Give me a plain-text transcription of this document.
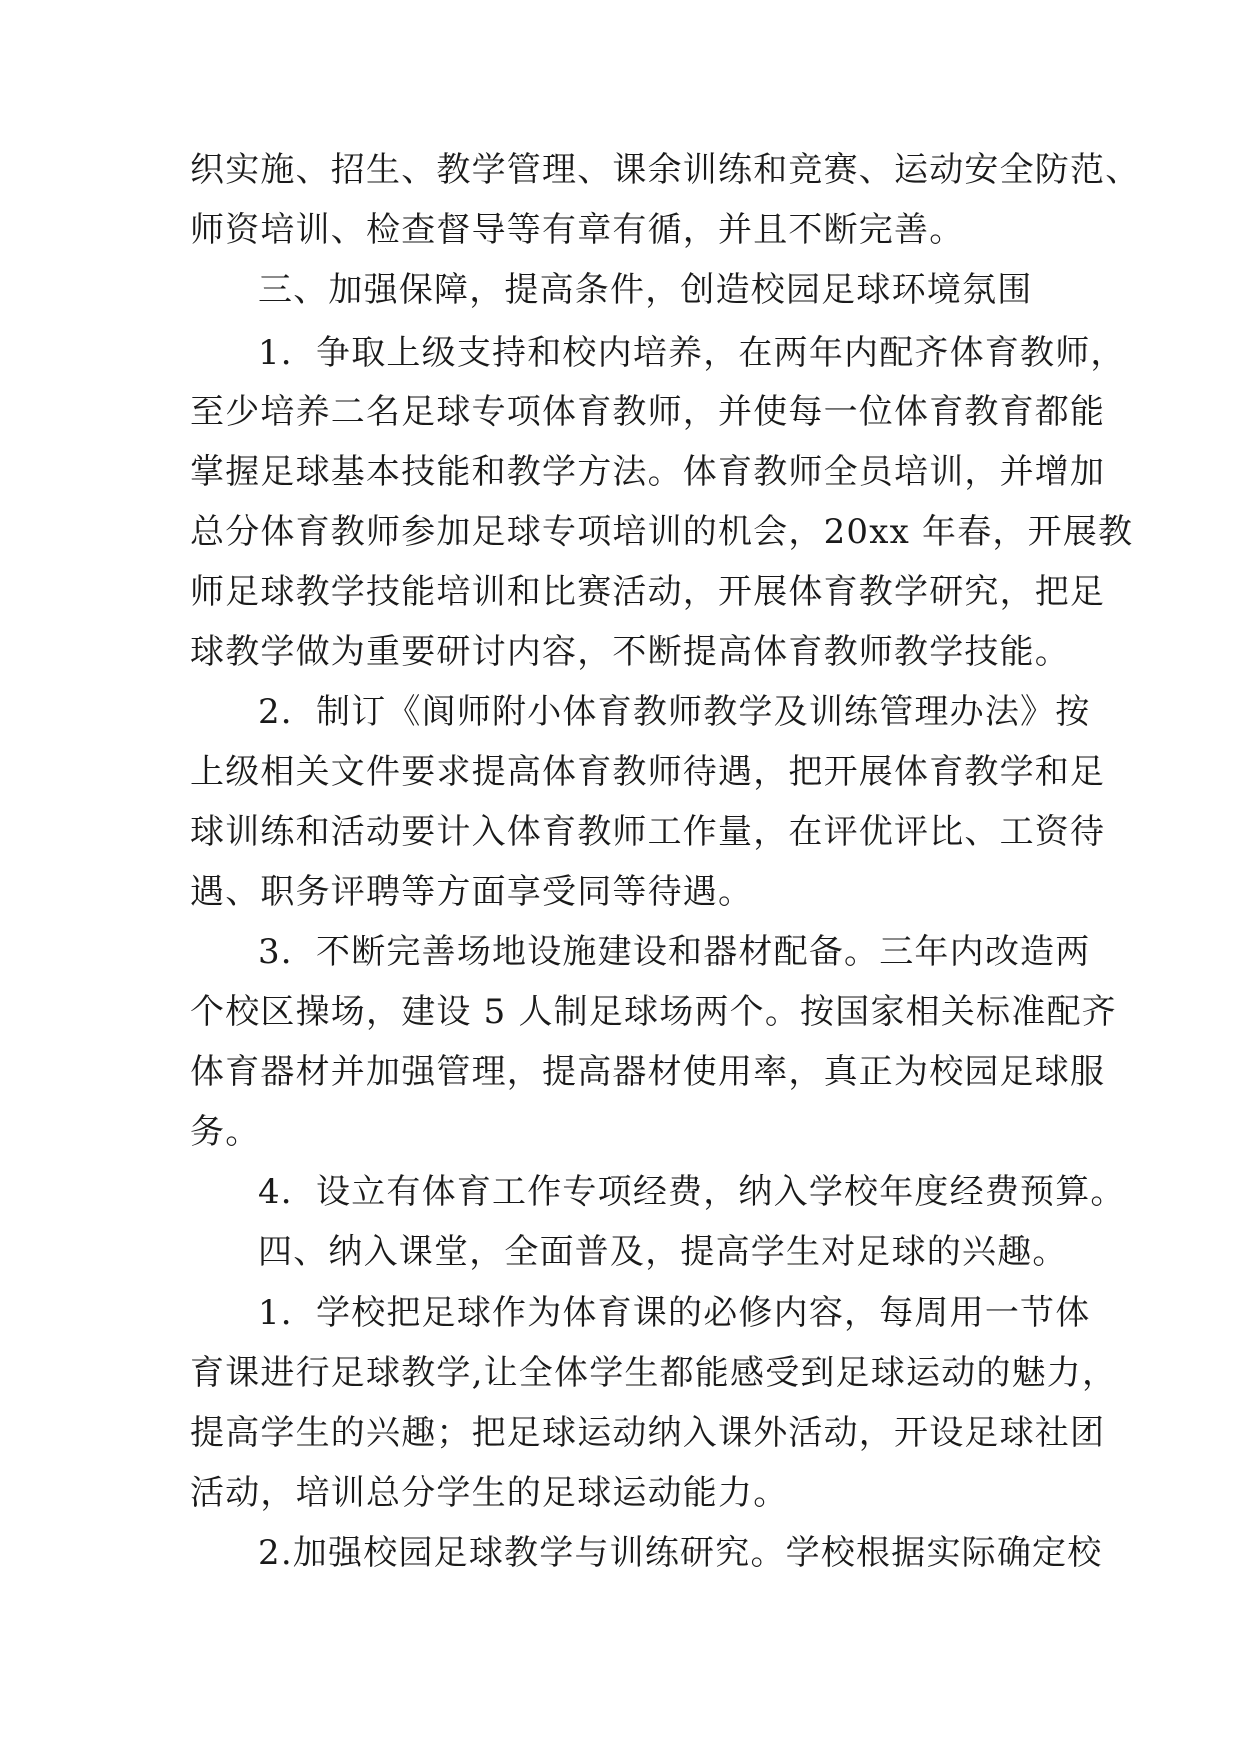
织实施、招生、教学管理、课余训练和竞赛、运动安全防范、
师资培训、检查督导等有章有循，并且不断完善。
三、加强保障，提高条件，创造校园足球环境氛围
1．争取上级支持和校内培养，在两年内配齐体育教师，
至少培养二名足球专项体育教师，并使每一位体育教育都能
掌握足球基本技能和教学方法。体育教师全员培训，并增加
总分体育教师参加足球专项培训的机会，20xx 年春，开展教
师足球教学技能培训和比赛活动，开展体育教学研究，把足
球教学做为重要研讨内容，不断提高体育教师教学技能。
2．制订《阆师附小体育教师教学及训练管理办法》按
上级相关文件要求提高体育教师待遇，把开展体育教学和足
球训练和活动要计入体育教师工作量，在评优评比、工资待
遇、职务评聘等方面享受同等待遇。
3．不断完善场地设施建设和器材配备。三年内改造两
个校区操场，建设 5 人制足球场两个。按国家相关标准配齐
体育器材并加强管理，提高器材使用率，真正为校园足球服
务。
4．设立有体育工作专项经费，纳入学校年度经费预算。
四、纳入课堂，全面普及，提高学生对足球的兴趣。
1．学校把足球作为体育课的必修内容，每周用一节体
育课进行足球教学,让全体学生都能感受到足球运动的魅力，
提高学生的兴趣；把足球运动纳入课外活动，开设足球社团
活动，培训总分学生的足球运动能力。
2.加强校园足球教学与训练研究。学校根据实际确定校
